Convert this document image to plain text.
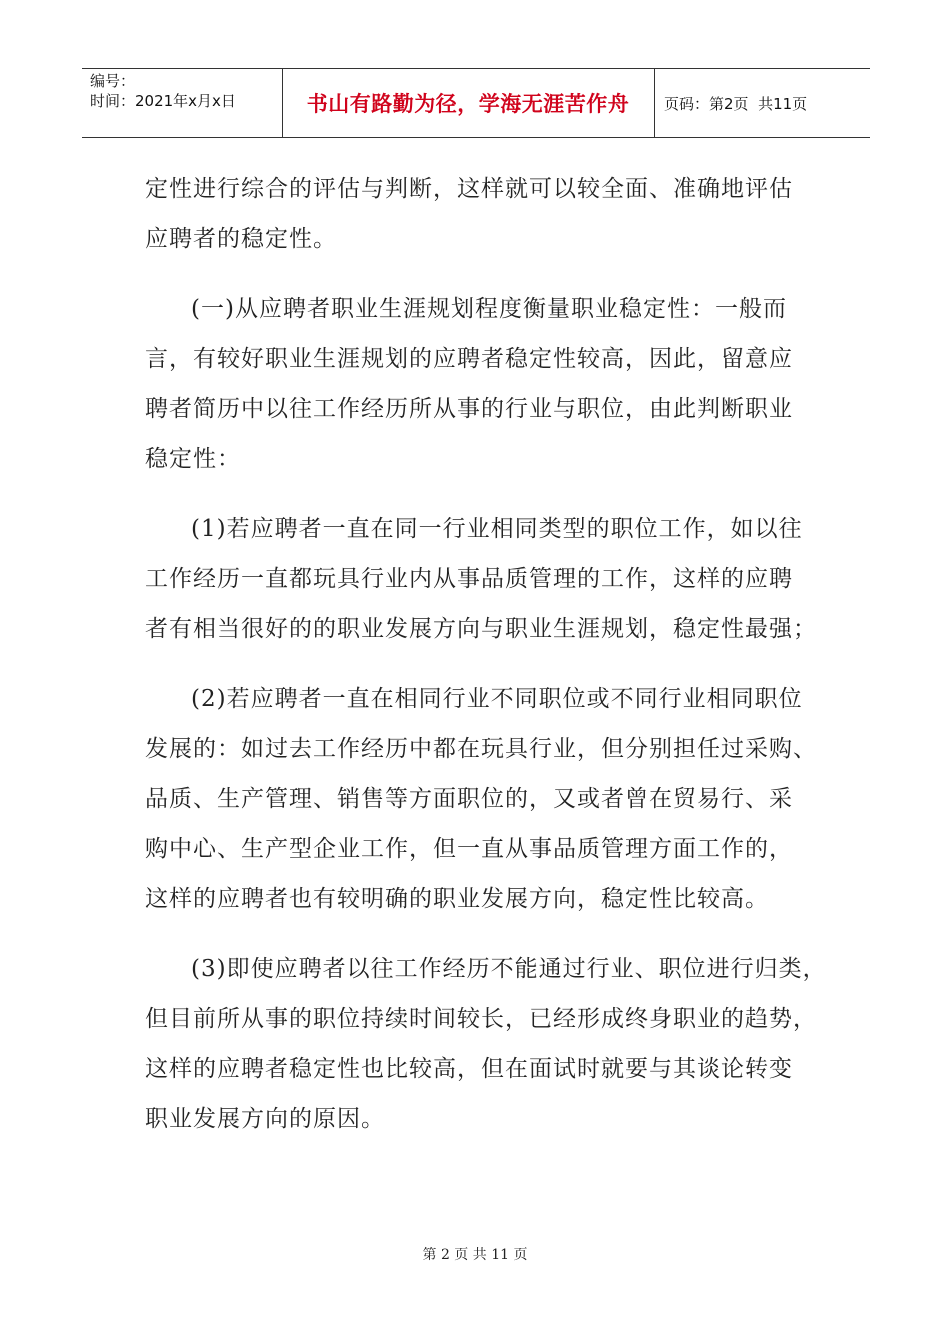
编号：
时间：2021年x月x日	书山有路勤为径，学海无涯苦作舟	页码：第2页  共11页

定性进行综合的评估与判断，这样就可以较全面、准确地评估
应聘者的稳定性。

(一)从应聘者职业生涯规划程度衡量职业稳定性：一般而
言，有较好职业生涯规划的应聘者稳定性较高，因此，留意应
聘者简历中以往工作经历所从事的行业与职位，由此判断职业
稳定性：

(1)若应聘者一直在同一行业相同类型的职位工作，如以往
工作经历一直都玩具行业内从事品质管理的工作，这样的应聘
者有相当很好的的职业发展方向与职业生涯规划，稳定性最强；

(2)若应聘者一直在相同行业不同职位或不同行业相同职位
发展的：如过去工作经历中都在玩具行业，但分别担任过采购、
品质、生产管理、销售等方面职位的，又或者曾在贸易行、采
购中心、生产型企业工作，但一直从事品质管理方面工作的，
这样的应聘者也有较明确的职业发展方向，稳定性比较高。

(3)即使应聘者以往工作经历不能通过行业、职位进行归类，
但目前所从事的职位持续时间较长，已经形成终身职业的趋势，
这样的应聘者稳定性也比较高，但在面试时就要与其谈论转变
职业发展方向的原因。

第 2 页 共 11 页
